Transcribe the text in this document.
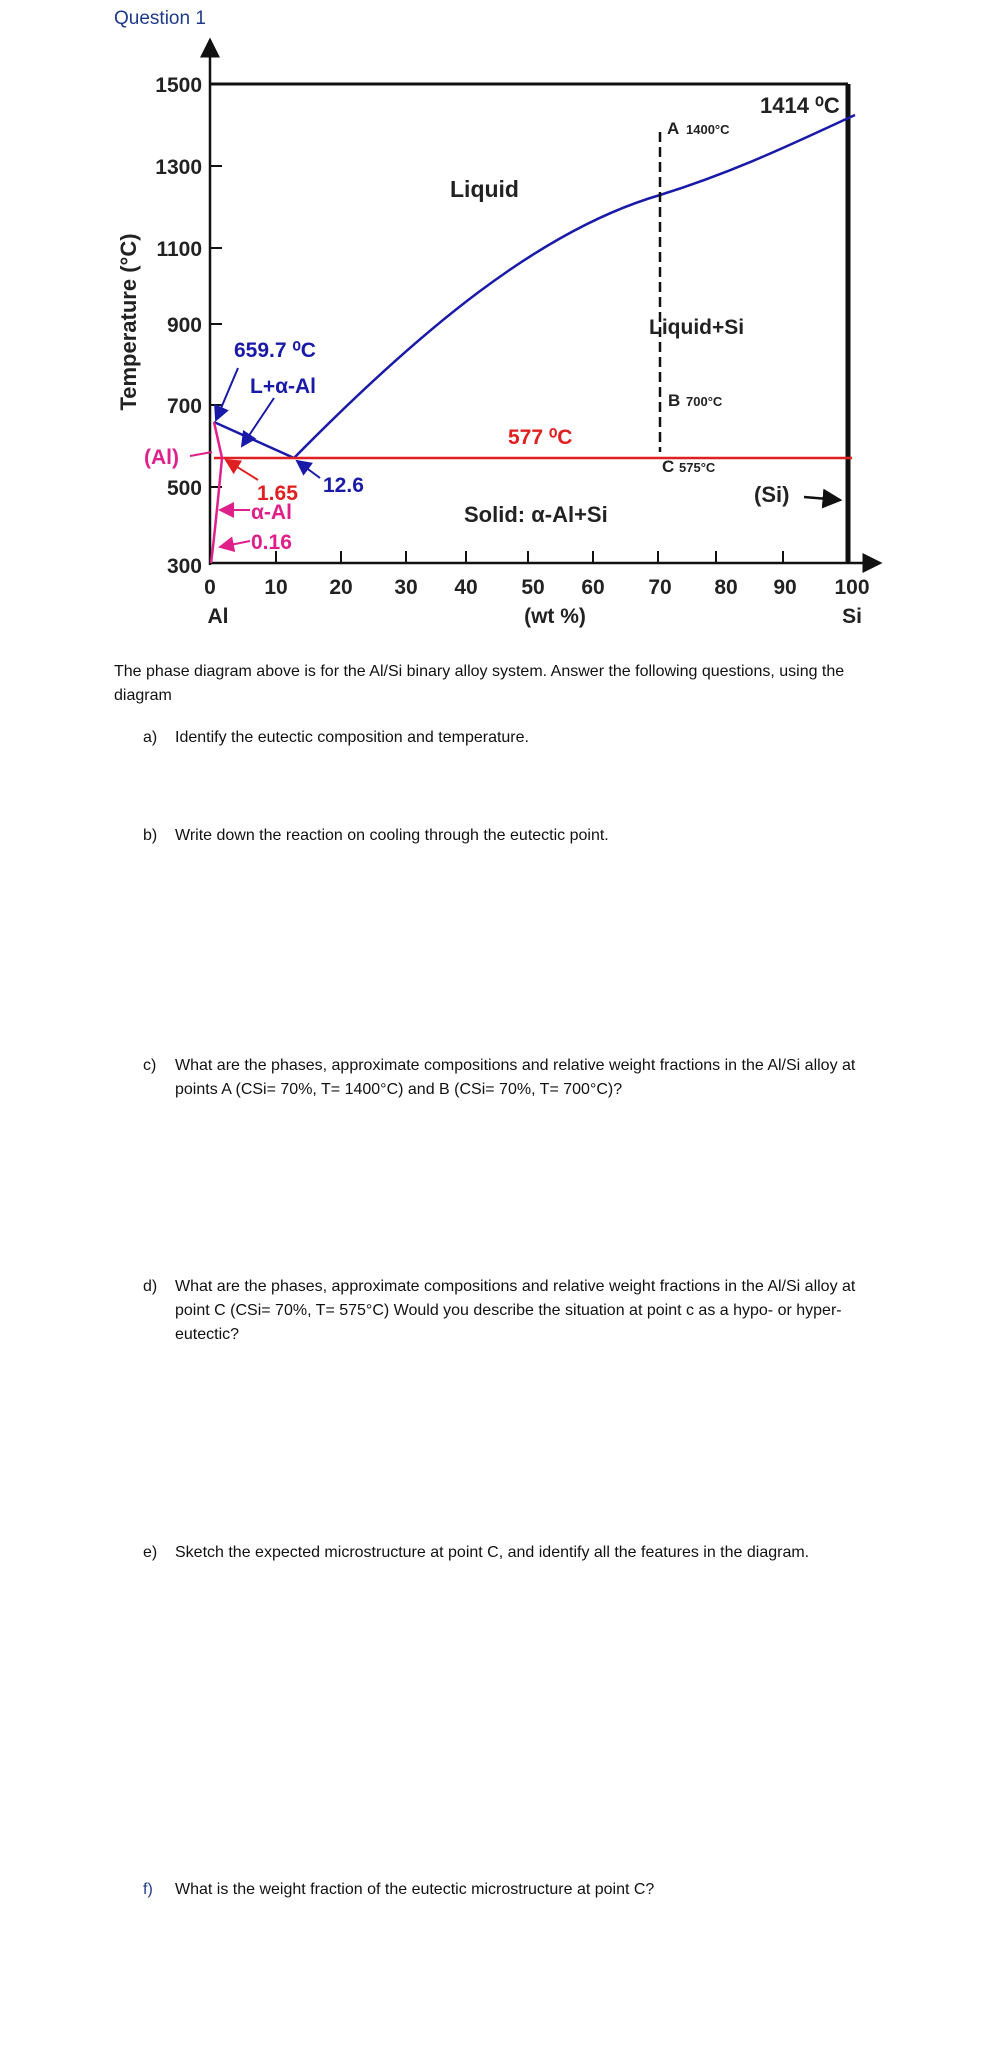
Question 1
1500
1300
1100
900
700
500
300
Temperature (°C)
0 10 20 30 40 50 60 70 80 90 100
Al	Si
(wt %)
Liquid
659.7 ⁰C
L+α-Al
577 ⁰C
Liquid+Si
1414 ⁰C
A 1400°C
B 700°C
C 575°C
(Al)
1.65 12.6
α-Al
0.16
Solid: α-Al+Si
(Si)
The phase diagram above is for the Al/Si binary alloy system. Answer the following questions, using the diagram
a)	Identify the eutectic composition and temperature.
b)	Write down the reaction on cooling through the eutectic point.
c)	What are the phases, approximate compositions and relative weight fractions in the Al/Si alloy at points A (CSi= 70%, T= 1400°C) and B (CSi= 70%, T= 700°C)?
d)	What are the phases, approximate compositions and relative weight fractions in the Al/Si alloy at point C (CSi= 70%, T= 575°C) Would you describe the situation at point c as a hypo- or hyper-eutectic?
e)	Sketch the expected microstructure at point C, and identify all the features in the diagram.
f)	What is the weight fraction of the eutectic microstructure at point C?
